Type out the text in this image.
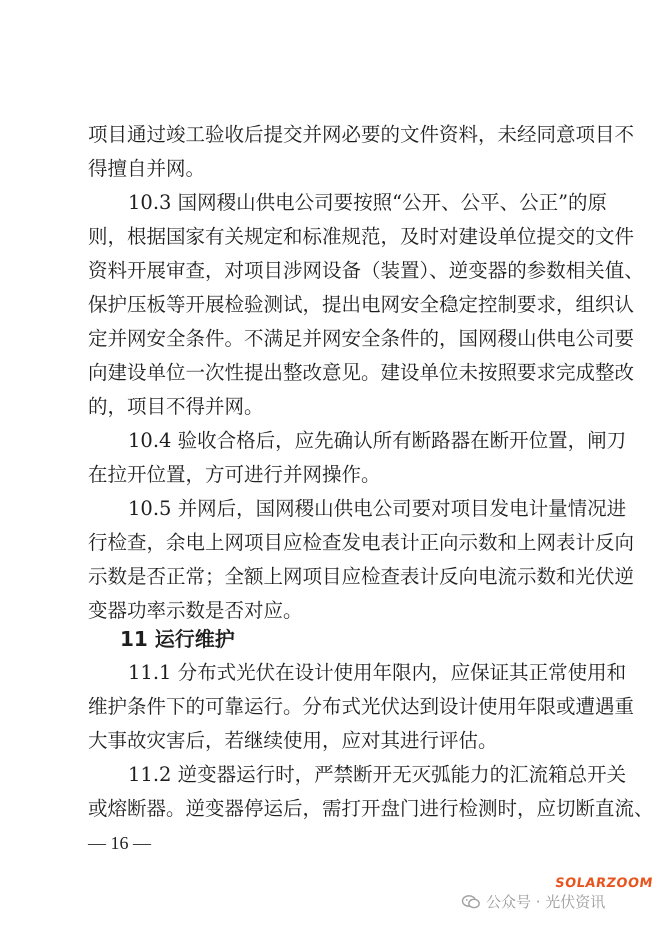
项目通过竣工验收后提交并网必要的文件资料，未经同意项目不
得擅自并网。
10.3 国网稷山供电公司要按照“公开、公平、公正”的原
则，根据国家有关规定和标准规范，及时对建设单位提交的文件
资料开展审查，对项目涉网设备（装置）、逆变器的参数相关值、
保护压板等开展检验测试，提出电网安全稳定控制要求，组织认
定并网安全条件。不满足并网安全条件的，国网稷山供电公司要
向建设单位一次性提出整改意见。建设单位未按照要求完成整改
的，项目不得并网。
10.4 验收合格后，应先确认所有断路器在断开位置，闸刀
在拉开位置，方可进行并网操作。
10.5 并网后，国网稷山供电公司要对项目发电计量情况进
行检查，余电上网项目应检查发电表计正向示数和上网表计反向
示数是否正常；全额上网项目应检查表计反向电流示数和光伏逆
变器功率示数是否对应。
11 运行维护
11.1 分布式光伏在设计使用年限内，应保证其正常使用和
维护条件下的可靠运行。分布式光伏达到设计使用年限或遭遇重
大事故灾害后，若继续使用，应对其进行评估。
11.2 逆变器运行时，严禁断开无灭弧能力的汇流箱总开关
或熔断器。逆变器停运后，需打开盘门进行检测时，应切断直流、
— 16 —
SOLARZOOM
公众号 · 光伏资讯
